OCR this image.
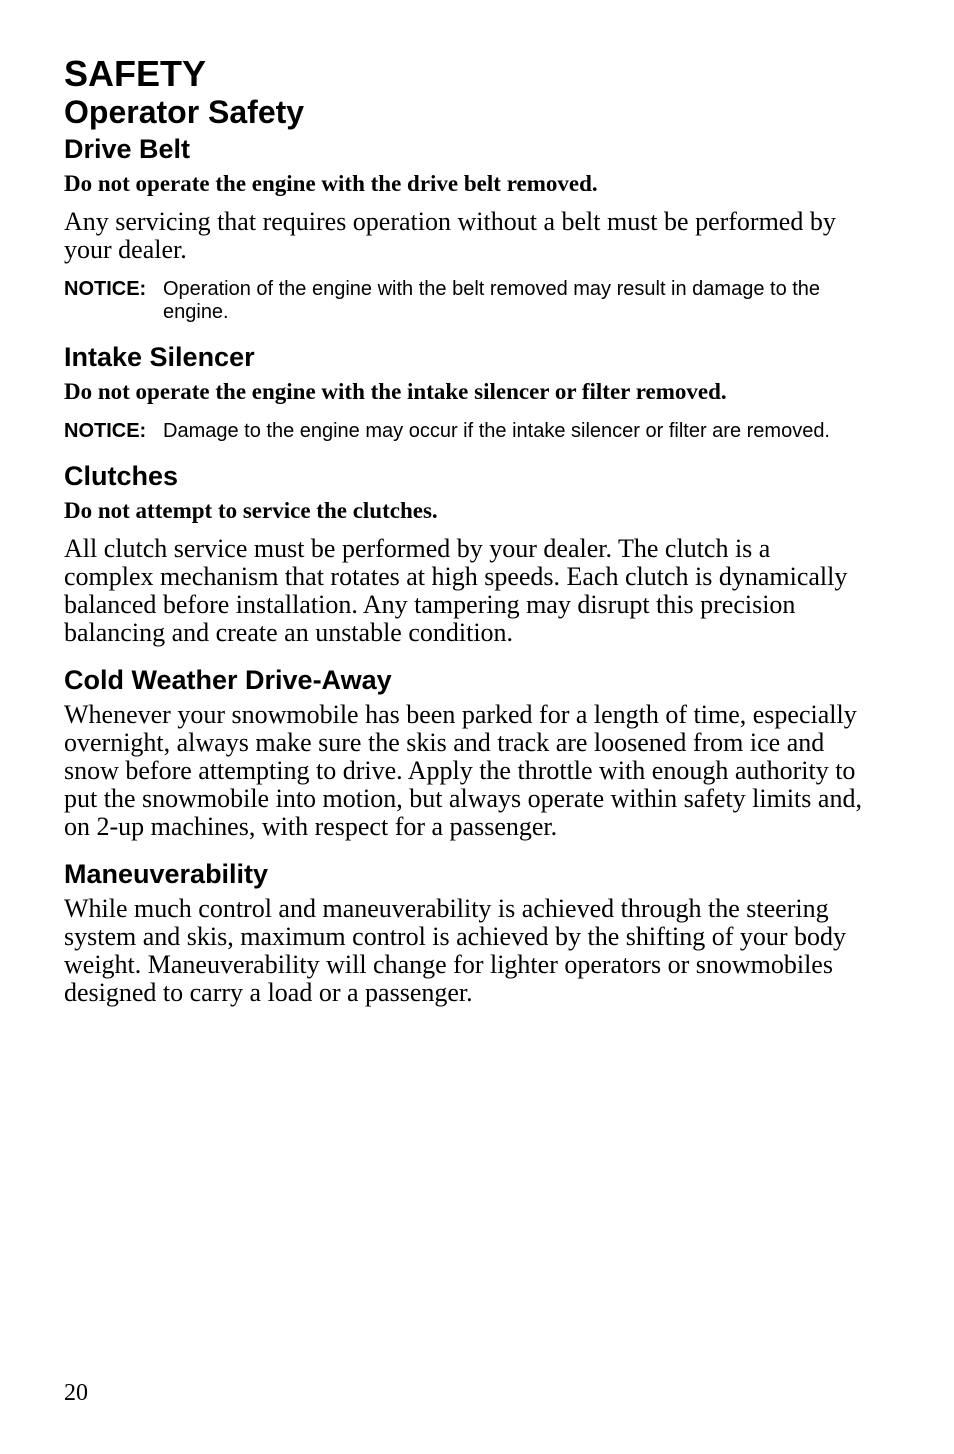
SAFETY
Operator Safety
Drive Belt

Do not operate the engine with the drive belt removed.

Any servicing that requires operation without a belt must be performed by your dealer.

NOTICE: Operation of the engine with the belt removed may result in damage to the engine.
Intake Silencer

Do not operate the engine with the intake silencer or filter removed.

NOTICE: Damage to the engine may occur if the intake silencer or filter are removed.
Clutches

Do not attempt to service the clutches.

All clutch service must be performed by your dealer. The clutch is a complex mechanism that rotates at high speeds. Each clutch is dynamically balanced before installation. Any tampering may disrupt this precision balancing and create an unstable condition.

Cold Weather Drive-Away

Whenever your snowmobile has been parked for a length of time, especially overnight, always make sure the skis and track are loosened from ice and snow before attempting to drive. Apply the throttle with enough authority to put the snowmobile into motion, but always operate within safety limits and, on 2-up machines, with respect for a passenger.

Maneuverability

While much control and maneuverability is achieved through the steering system and skis, maximum control is achieved by the shifting of your body weight. Maneuverability will change for lighter operators or snowmobiles designed to carry a load or a passenger.

20
